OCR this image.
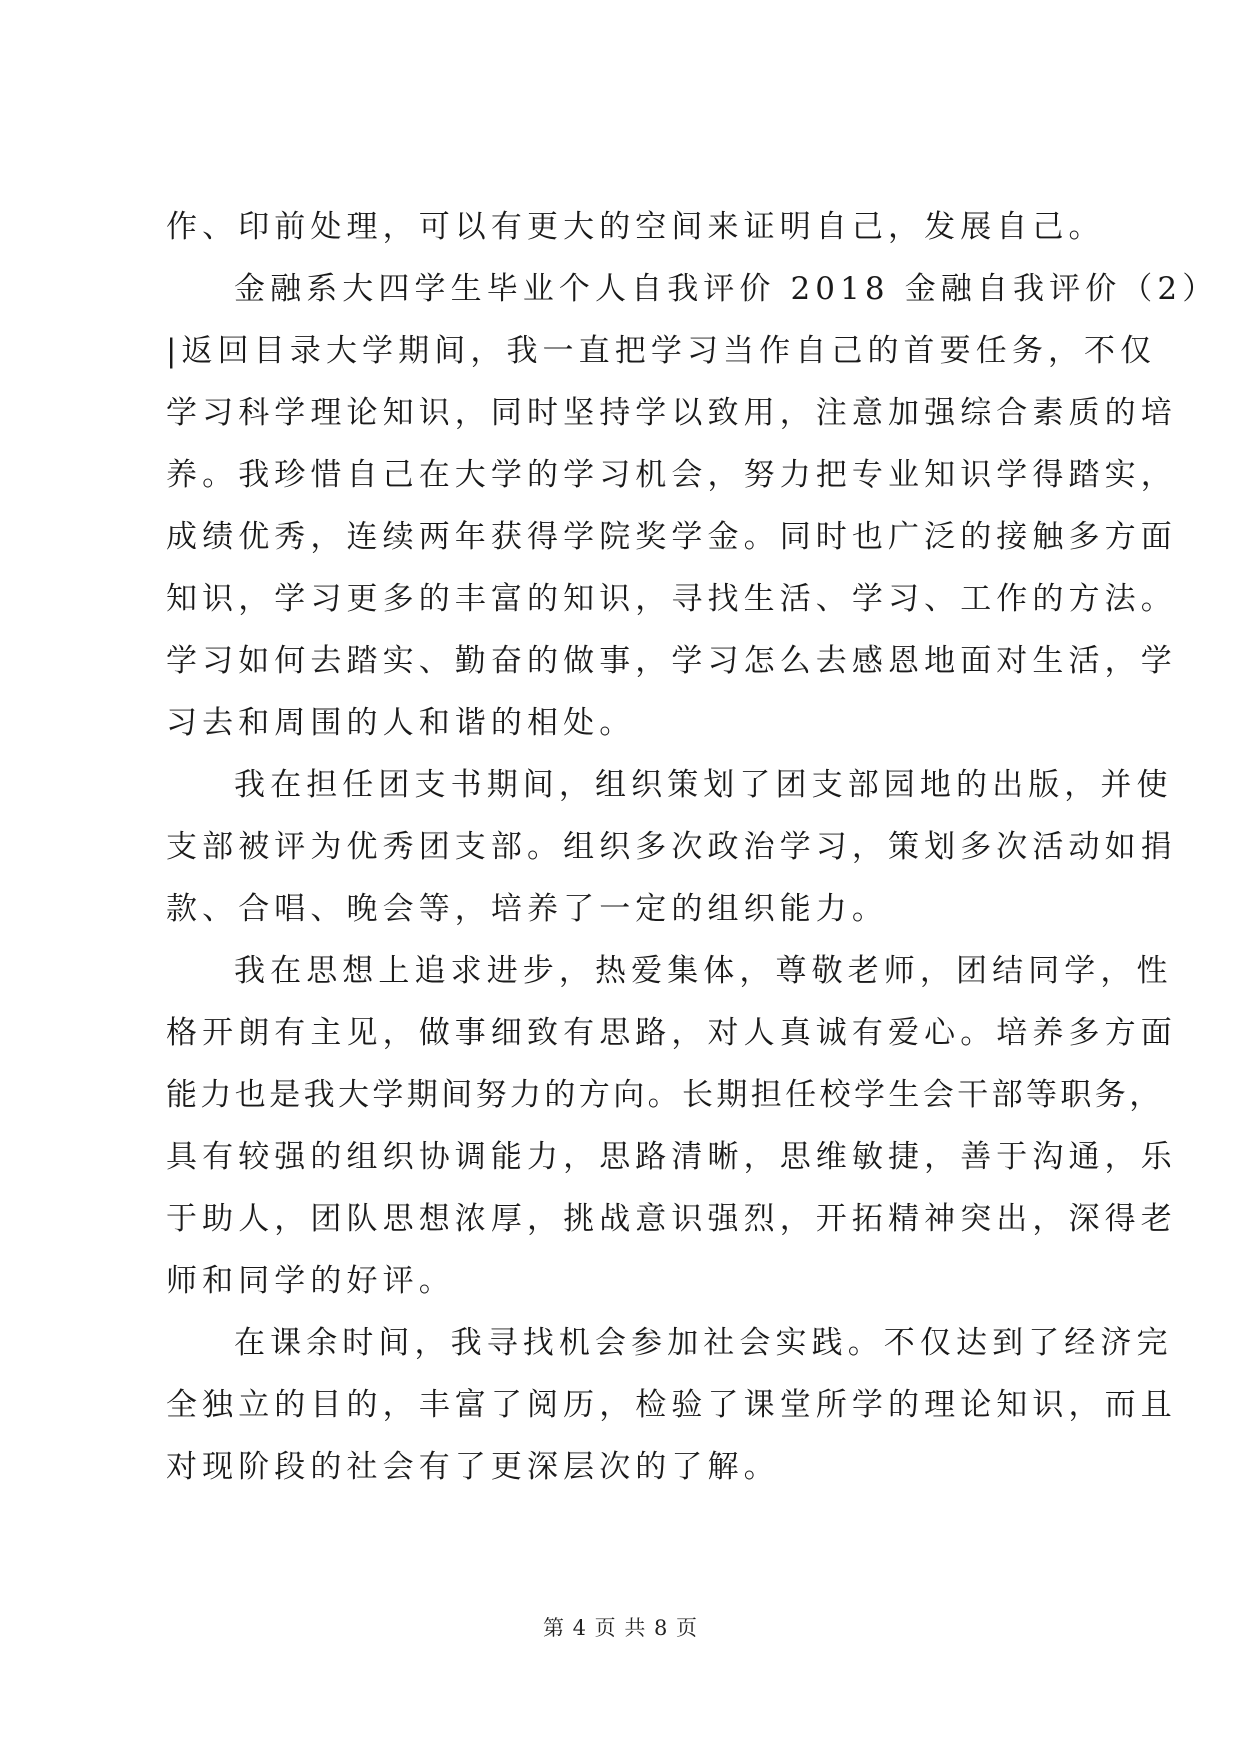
作、印前处理，可以有更大的空间来证明自己，发展自己。
金融系大四学生毕业个人自我评价 2018 金融自我评价（2）
|返回目录大学期间，我一直把学习当作自己的首要任务，不仅
学习科学理论知识，同时坚持学以致用，注意加强综合素质的培
养。我珍惜自己在大学的学习机会，努力把专业知识学得踏实，
成绩优秀，连续两年获得学院奖学金。同时也广泛的接触多方面
知识，学习更多的丰富的知识，寻找生活、学习、工作的方法。
学习如何去踏实、勤奋的做事，学习怎么去感恩地面对生活，学
习去和周围的人和谐的相处。
我在担任团支书期间，组织策划了团支部园地的出版，并使
支部被评为优秀团支部。组织多次政治学习，策划多次活动如捐
款、合唱、晚会等，培养了一定的组织能力。
我在思想上追求进步，热爱集体，尊敬老师，团结同学，性
格开朗有主见，做事细致有思路，对人真诚有爱心。培养多方面
能力也是我大学期间努力的方向。长期担任校学生会干部等职务，
具有较强的组织协调能力，思路清晰，思维敏捷，善于沟通，乐
于助人，团队思想浓厚，挑战意识强烈，开拓精神突出，深得老
师和同学的好评。
在课余时间，我寻找机会参加社会实践。不仅达到了经济完
全独立的目的，丰富了阅历，检验了课堂所学的理论知识，而且
对现阶段的社会有了更深层次的了解。
第 4 页 共 8 页
